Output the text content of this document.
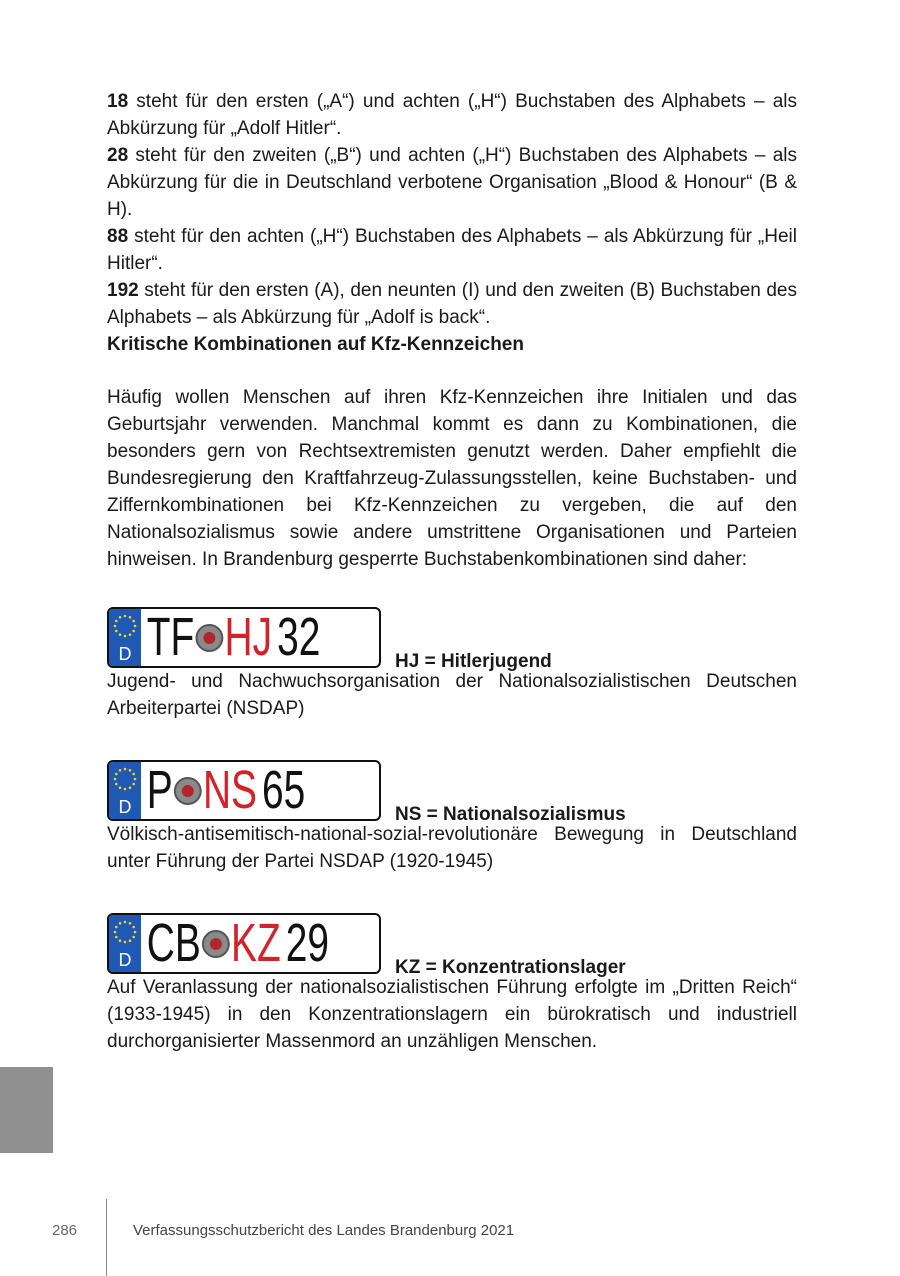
18 steht für den ersten („A“) und achten („H“) Buchstaben des Alphabets – als Abkürzung für „Adolf Hitler“.

28 steht für den zweiten („B“) und achten („H“) Buchstaben des Alphabets – als Abkürzung für die in Deutschland verbotene Organisation „Blood & Honour“ (B & H).

88 steht für den achten („H“) Buchstaben des Alphabets – als Abkürzung für „Heil Hitler“.

192 steht für den ersten (A), den neunten (I) und den zweiten (B) Buchstaben des Alphabets – als Abkürzung für „Adolf is back“.

Kritische Kombinationen auf Kfz-Kennzeichen

Häufig wollen Menschen auf ihren Kfz-Kennzeichen ihre Initialen und das Geburtsjahr verwenden. Manchmal kommt es dann zu Kombinationen, die besonders gern von Rechtsextremisten genutzt werden. Daher empfiehlt die Bundesregierung den Kraftfahrzeug-Zulassungsstellen, keine Buchstaben- und Ziffernkombinationen bei Kfz-Kennzeichen zu vergeben, die auf den Nationalsozialismus sowie andere umstrittene Organisationen und Parteien hinweisen. In Brandenburg gesperrte Buchstabenkombinationen sind daher:

D TF HJ 32	HJ = Hitlerjugend

Jugend- und Nachwuchsorganisation der Nationalsozialistischen Deutschen Arbeiterpartei (NSDAP)

D P NS 65	NS = Nationalsozialismus

Völkisch-antisemitisch-national-sozial-revolutionäre Bewegung in Deutschland unter Führung der Partei NSDAP (1920-1945)

D CB KZ 29	KZ = Konzentrationslager

Auf Veranlassung der nationalsozialistischen Führung erfolgte im „Dritten Reich“ (1933-1945) in den Konzentrationslagern ein bürokratisch und industriell durchorganisierter Massenmord an unzähligen Menschen.

286	Verfassungsschutzbericht des Landes Brandenburg 2021
